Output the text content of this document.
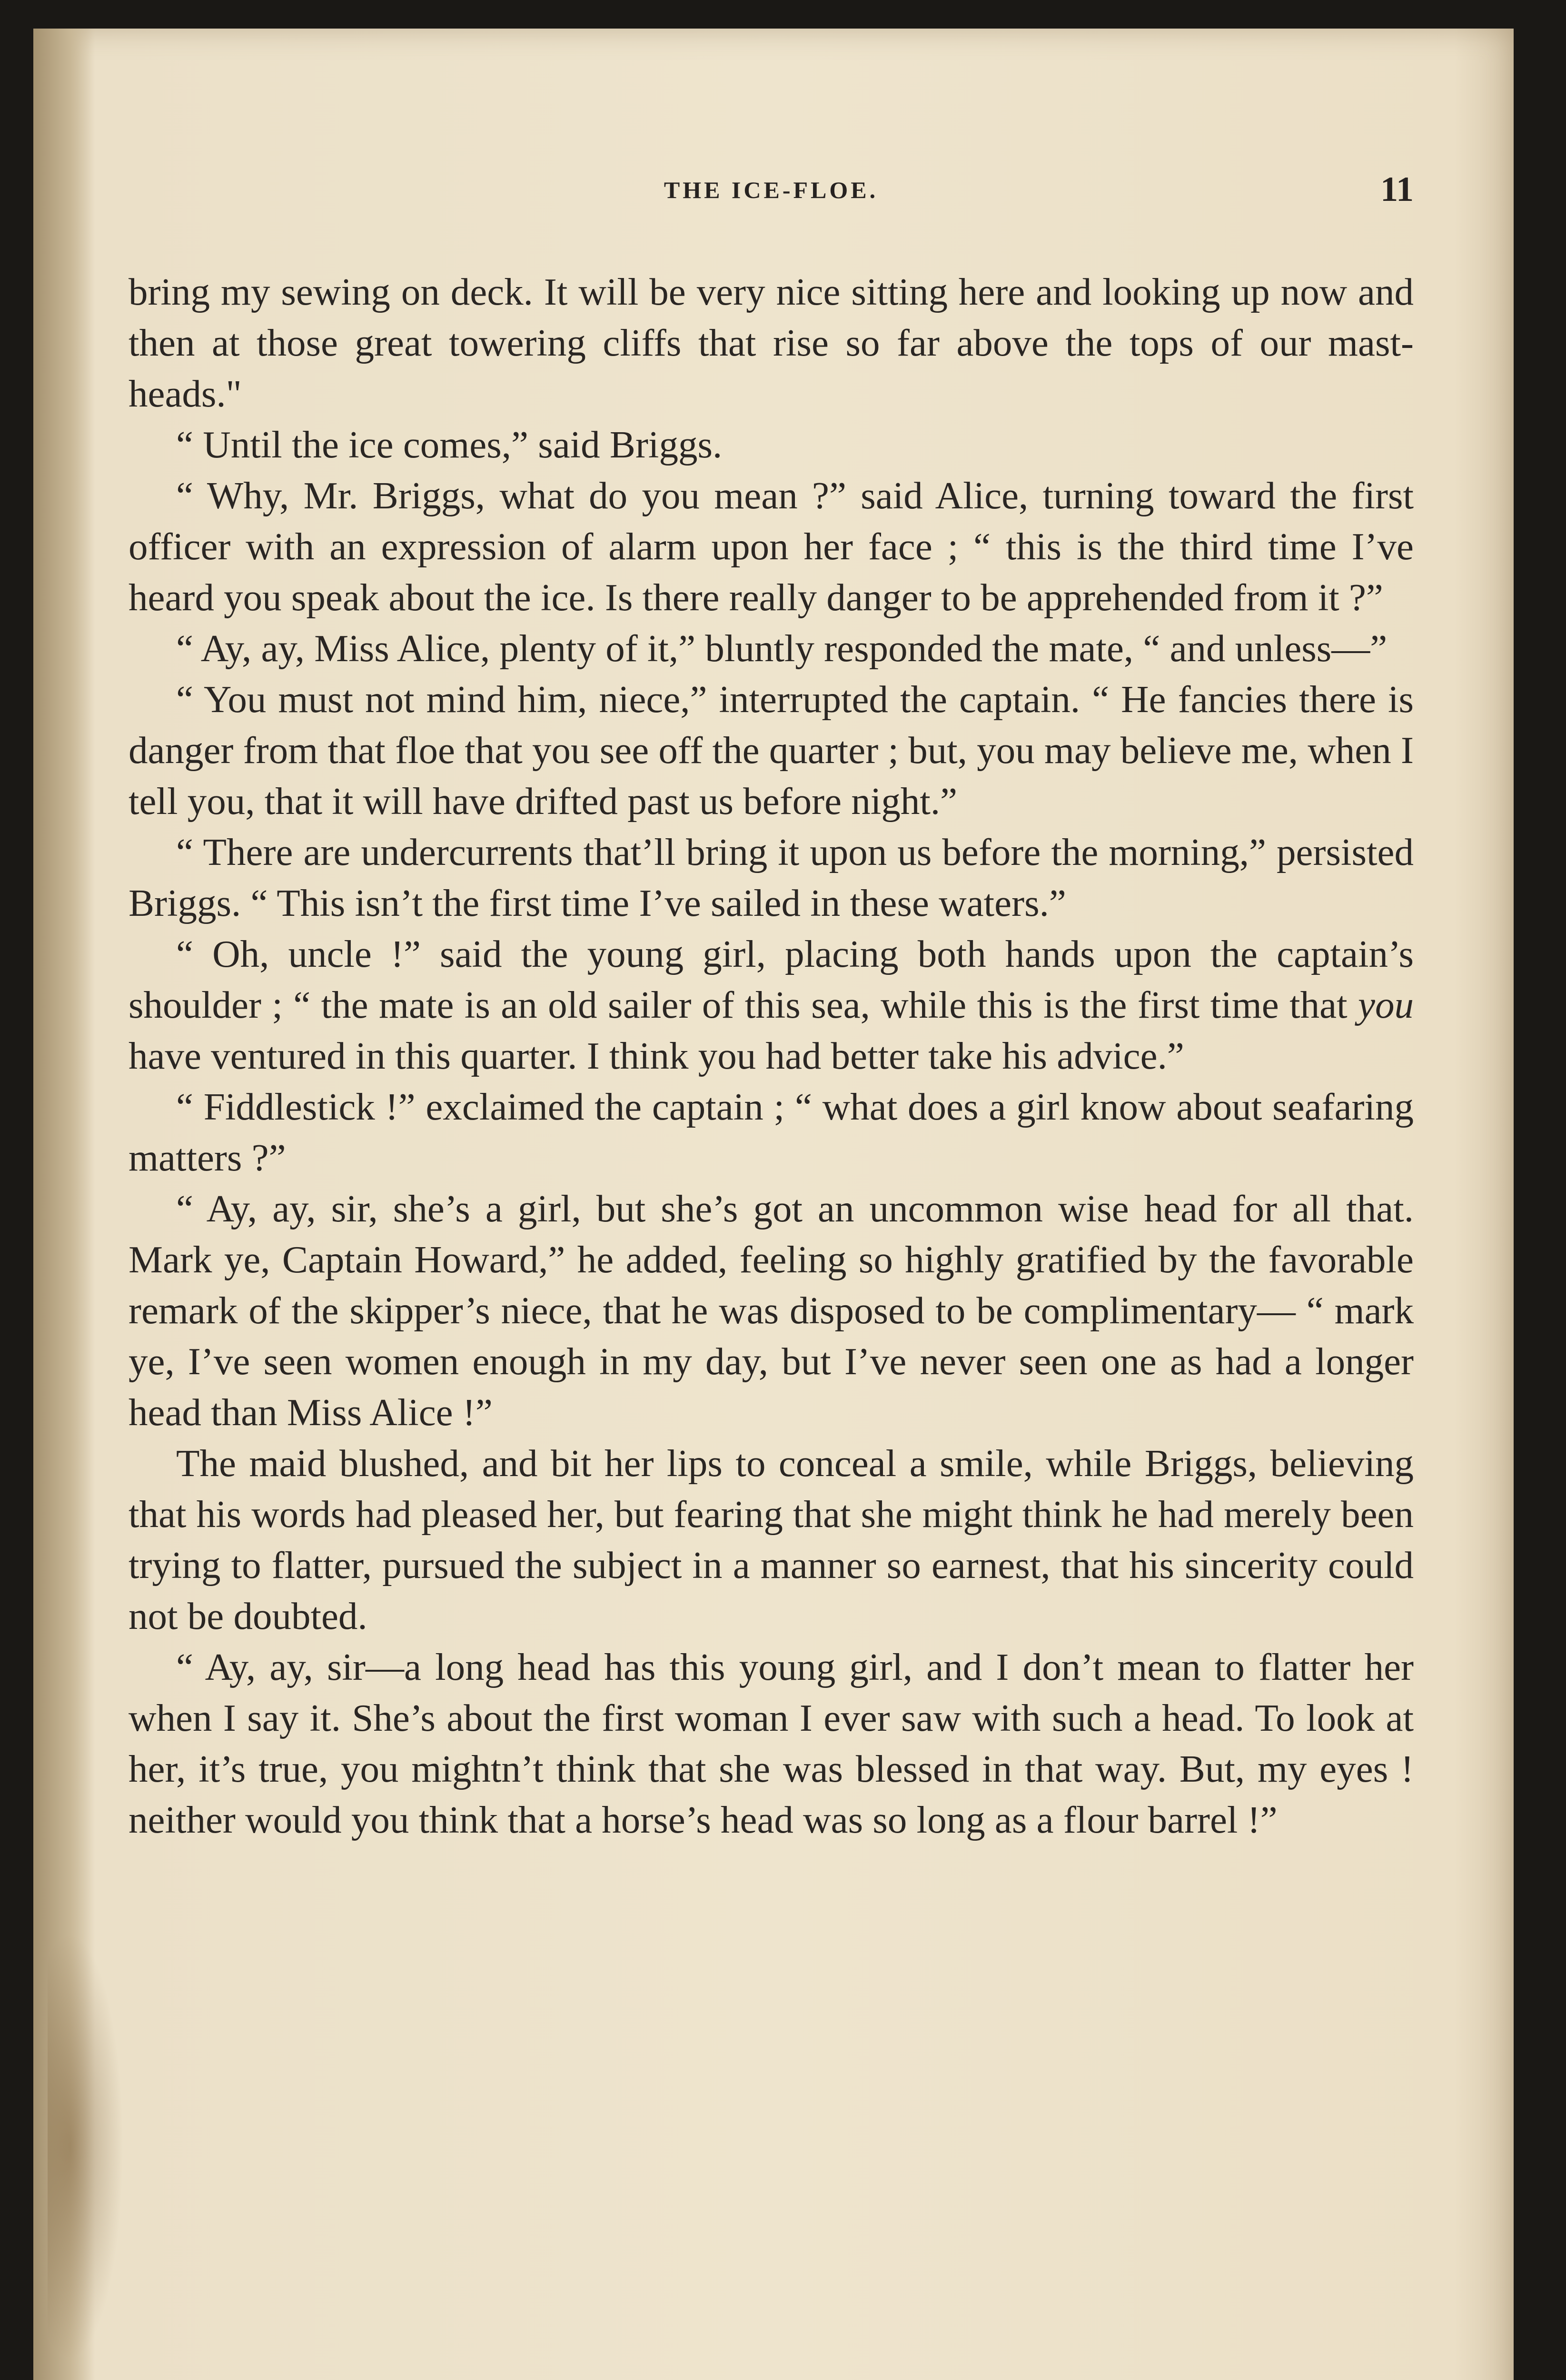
THE ICE-FLOE.	11

bring my sewing on deck. It will be very nice sitting here and looking up now and then at those great towering cliffs that rise so far above the tops of our mast-heads."

“ Until the ice comes,” said Briggs.

“ Why, Mr. Briggs, what do you mean ?” said Alice, turning toward the first officer with an expression of alarm upon her face ; “ this is the third time I’ve heard you speak about the ice. Is there really danger to be apprehended from it ?”

“ Ay, ay, Miss Alice, plenty of it,” bluntly responded the mate, “ and unless—”

“ You must not mind him, niece,” interrupted the captain. “ He fancies there is danger from that floe that you see off the quarter ; but, you may believe me, when I tell you, that it will have drifted past us before night.”

“ There are undercurrents that’ll bring it upon us before the morning,” persisted Briggs. “ This isn’t the first time I’ve sailed in these waters.”

“ Oh, uncle !” said the young girl, placing both hands upon the captain’s shoulder ; “ the mate is an old sailer of this sea, while this is the first time that you have ventured in this quarter. I think you had better take his advice.”

“ Fiddlestick !” exclaimed the captain ; “ what does a girl know about seafaring matters ?”

“ Ay, ay, sir, she’s a girl, but she’s got an uncommon wise head for all that. Mark ye, Captain Howard,” he added, feeling so highly gratified by the favorable remark of the skipper’s niece, that he was disposed to be complimentary— “ mark ye, I’ve seen women enough in my day, but I’ve never seen one as had a longer head than Miss Alice !”

The maid blushed, and bit her lips to conceal a smile, while Briggs, believing that his words had pleased her, but fearing that she might think he had merely been trying to flatter, pursued the subject in a manner so earnest, that his sincerity could not be doubted.

“ Ay, ay, sir—a long head has this young girl, and I don’t mean to flatter her when I say it. She’s about the first woman I ever saw with such a head. To look at her, it’s true, you mightn’t think that she was blessed in that way. But, my eyes ! neither would you think that a horse’s head was so long as a flour barrel !”
